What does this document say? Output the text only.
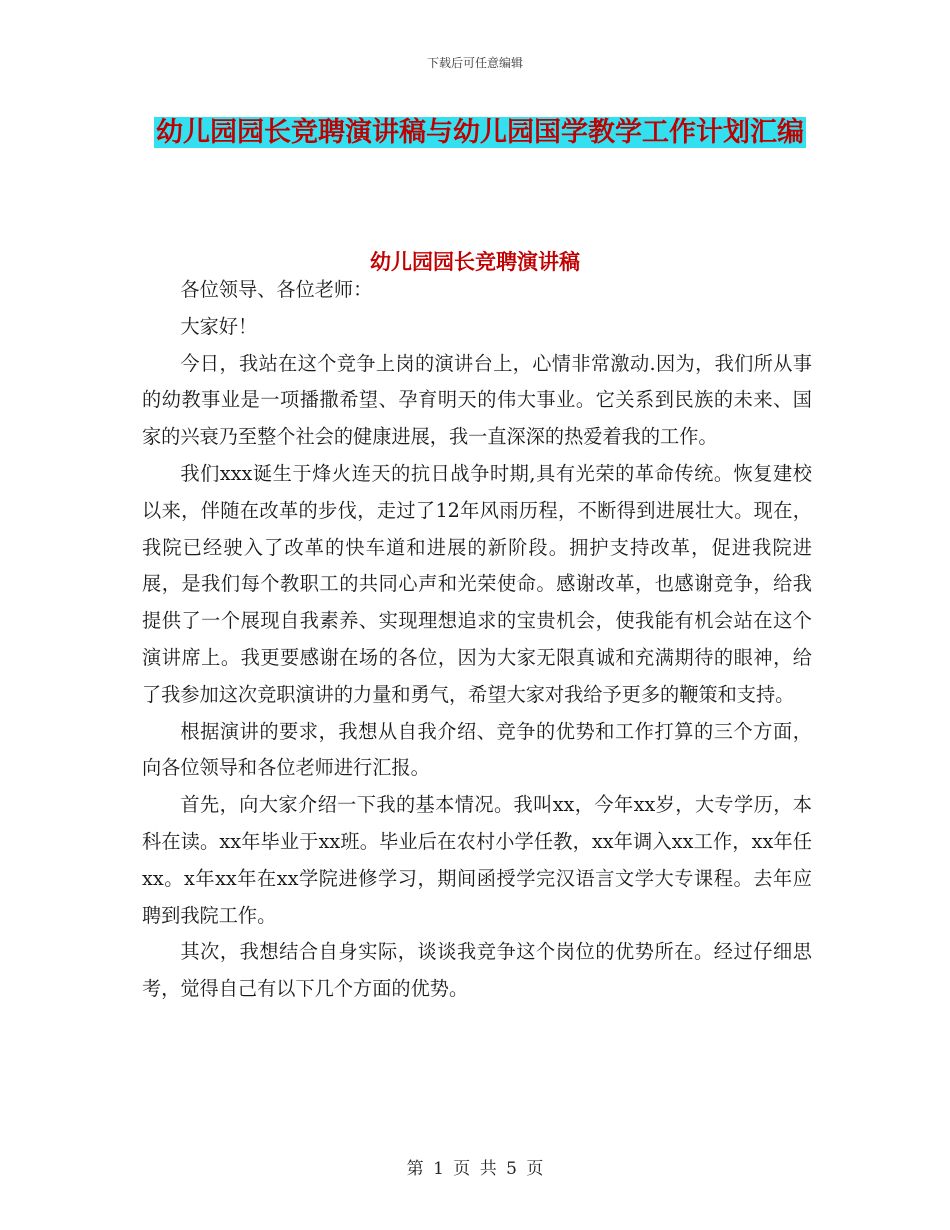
下载后可任意编辑
幼儿园园长竞聘演讲稿与幼儿园国学教学工作计划汇编
幼儿园园长竞聘演讲稿

各位领导、各位老师：

大家好！

今日，我站在这个竞争上岗的演讲台上，心情非常激动.因为，我们所从事的幼教事业是一项播撒希望、孕育明天的伟大事业。它关系到民族的未来、国家的兴衰乃至整个社会的健康进展，我一直深深的热爱着我的工作。

我们xxx诞生于烽火连天的抗日战争时期,具有光荣的革命传统。恢复建校以来，伴随在改革的步伐，走过了12年风雨历程，不断得到进展壮大。现在，我院已经驶入了改革的快车道和进展的新阶段。拥护支持改革，促进我院进展，是我们每个教职工的共同心声和光荣使命。感谢改革，也感谢竞争，给我提供了一个展现自我素养、实现理想追求的宝贵机会，使我能有机会站在这个演讲席上。我更要感谢在场的各位，因为大家无限真诚和充满期待的眼神，给了我参加这次竞职演讲的力量和勇气，希望大家对我给予更多的鞭策和支持。

根据演讲的要求，我想从自我介绍、竞争的优势和工作打算的三个方面，向各位领导和各位老师进行汇报。

首先，向大家介绍一下我的基本情况。我叫xx，今年xx岁，大专学历，本科在读。xx年毕业于xx班。毕业后在农村小学任教，xx年调入xx工作，xx年任xx。x年xx年在xx学院进修学习，期间函授学完汉语言文学大专课程。去年应聘到我院工作。

其次，我想结合自身实际，谈谈我竞争这个岗位的优势所在。经过仔细思考，觉得自己有以下几个方面的优势。

第 1 页 共 5 页
